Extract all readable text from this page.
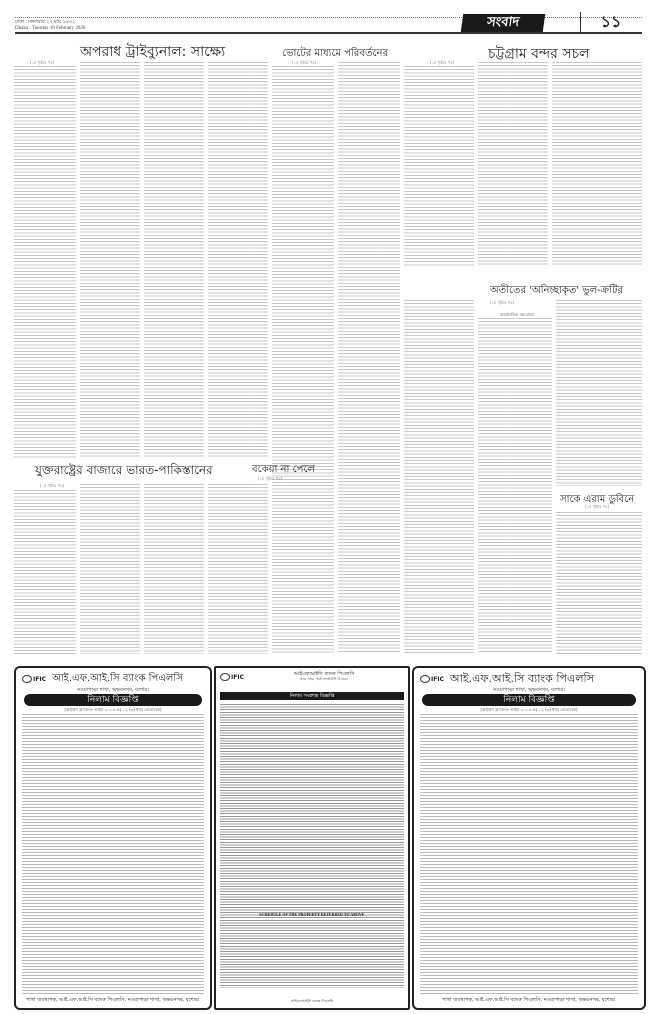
ঢাকা : মঙ্গলবার ২৭ মাঘ ১৪৩২
Dhaka : Tuesday 10 February 2026	সংবাদ	১১
অপরাধ ট্রাইব্যুনাল: সাক্ষ্যে
(১ম পৃষ্ঠার পর)
ভোটের মাধ্যমে পরিবর্তনের
(১ম পৃষ্ঠার পর)
চট্টগ্রাম বন্দর সচল
(১ম পৃষ্ঠার পর)
অতীতের 'অনিচ্ছাকৃত' ভুল-ক্রটির
(১ম পৃষ্ঠার পর)
রাজনৈতিক সমঝোতা
যুক্তরাষ্ট্রের বাজারে ভারত-পাকিস্তানের
(১ম পৃষ্ঠার পর)
বকেয়া না পেলে
(১ম পৃষ্ঠার পর)
সাকে এরাম ডুবিনে
(১ম পৃষ্ঠার পর)
IFIC আই.এফ.আই.সি ব্যাংক পিএলসি
নওয়াপাড়া শাখা, অভয়নগর, যশোর।
নিলাম বিজ্ঞপ্তি
(অর্থঋণ আদালত আইন ২০০৩ এর ১২ (৩) ধারা মোতাবেক)
শাখা ব্যবস্থাপক, আই.এফ.আই.সি ব্যাংক পিএলসি, নওয়াপাড়া শাখা, অভয়নগর, যশোর।
IFIC	আইএফআইসি ব্যাংক পিএলসি
সদর দপ্তর, আইএফআইসি টাওয়ার
নিলাম সংক্রান্ত বিজ্ঞপ্তি
SCHEDULE OF THE PROPERTY REFERRED TO ABOVE
আইএফআইসি ব্যাংক পিএলসি
IFIC আই.এফ.আই.সি ব্যাংক পিএলসি
নওয়াপাড়া শাখা, অভয়নগর, যশোর।
নিলাম বিজ্ঞপ্তি
(অর্থঋণ আদালত আইন ২০০৩ এর ১২ (৩) ধারা মোতাবেক)
শাখা ব্যবস্থাপক, আই.এফ.আই.সি ব্যাংক পিএলসি, নওয়াপাড়া শাখা, অভয়নগর, যশোর।
